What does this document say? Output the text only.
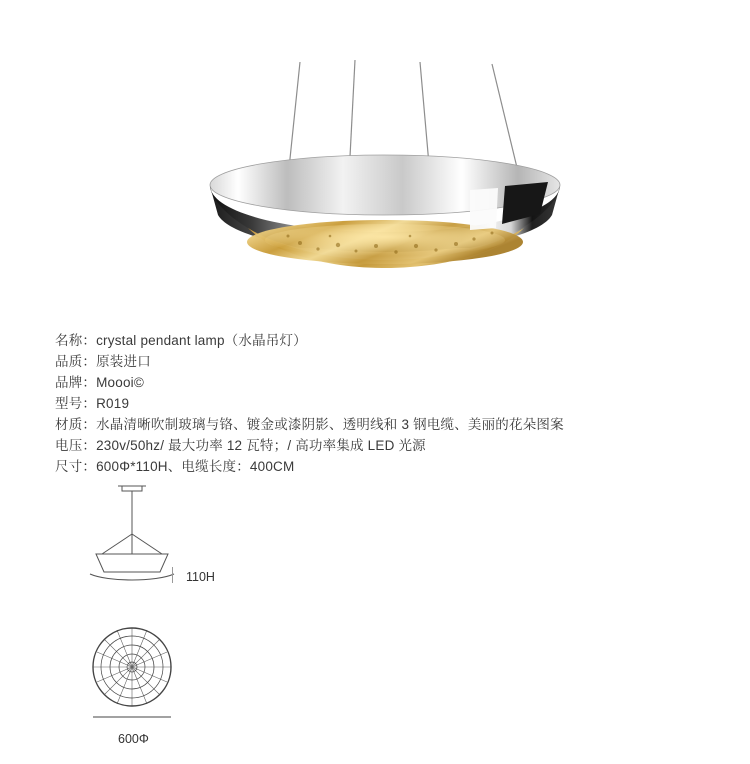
名称：crystal pendant lamp（水晶吊灯）
品质：原装进口
品牌：Moooi©
型号：R019
材质：水晶清晰吹制玻璃与铬、镀金或漆阴影、透明线和 3 钢电缆、美丽的花朵图案
电压：230v/50hz/ 最大功率 12 瓦特；/ 高功率集成 LED 光源
尺寸：600Φ*110H、电缆长度：400CM
110H
600Φ
